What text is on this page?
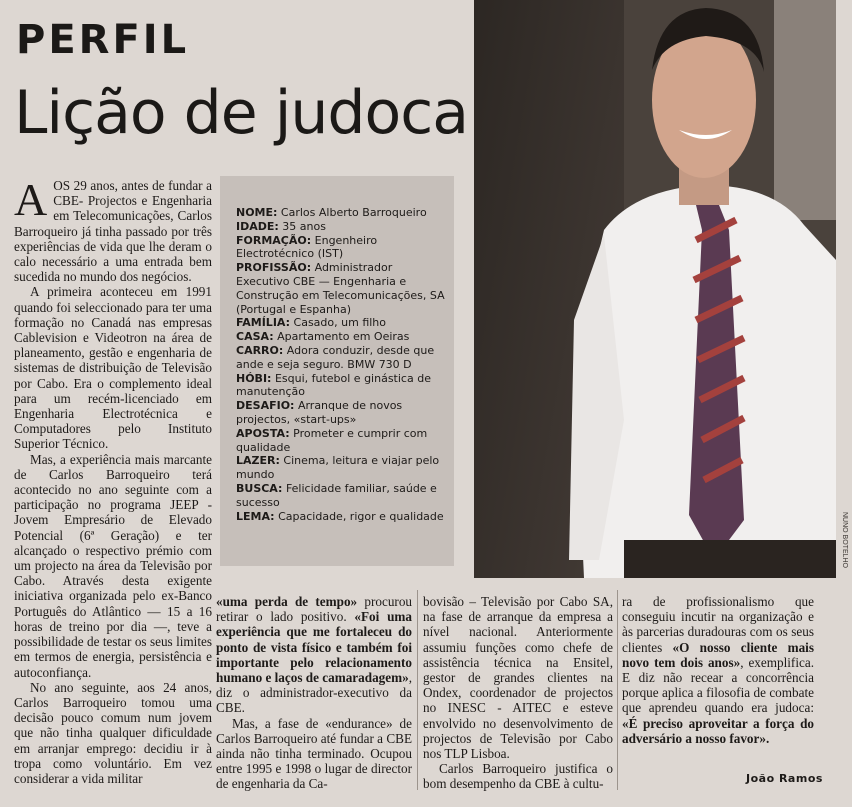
PERFIL
Lição de judoca

AOS 29 anos, antes de fundar a CBE- Projectos e Engenharia em Telecomunicações, Carlos Barroqueiro já tinha passado por três experiências de vida que lhe deram o calo necessário a uma entrada bem sucedida no mundo dos negócios.

A primeira aconteceu em 1991 quando foi seleccionado para ter uma formação no Canadá nas empresas Cablevision e Videotron na área de planeamento, gestão e engenharia de sistemas de distribuição de Televisão por Cabo. Era o complemento ideal para um recém-licenciado em Engenharia Electrotécnica e Computadores pelo Instituto Superior Técnico.

Mas, a experiência mais marcante de Carlos Barroqueiro terá acontecido no ano seguinte com a participação no programa JEEP - Jovem Empresário de Elevado Potencial (6ª Geração) e ter alcançado o respectivo prémio com um projecto na área da Televisão por Cabo. Através desta exigente iniciativa organizada pelo ex-Banco Português do Atlântico — 15 a 16 horas de treino por dia —, teve a possibilidade de testar os seus limites em termos de energia, persistência e autoconfiança.

No ano seguinte, aos 24 anos, Carlos Barroqueiro tomou uma decisão pouco comum num jovem que não tinha qualquer dificuldade em arranjar emprego: decidiu ir à tropa como voluntário. Em vez considerar a vida militar

NOME: Carlos Alberto Barroqueiro
IDADE: 35 anos
FORMAÇÃO: Engenheiro Electrotécnico (IST)
PROFISSÃO: Administrador Executivo CBE — Engenharia e Construção em Telecomunicações, SA (Portugal e Espanha)
FAMÍLIA: Casado, um filho
CASA: Apartamento em Oeiras
CARRO: Adora conduzir, desde que ande e seja seguro. BMW 730 D
HÓBI: Esqui, futebol e ginástica de manutenção
DESAFIO: Arranque de novos projectos, «start-ups»
APOSTA: Prometer e cumprir com qualidade
LAZER: Cinema, leitura e viajar pelo mundo
BUSCA: Felicidade familiar, saúde e sucesso
LEMA: Capacidade, rigor e qualidade	NUNO BOTELHO

«uma perda de tempo» procurou retirar o lado positivo. «Foi uma experiência que me fortaleceu do ponto de vista físico e também foi importante pelo relacionamento humano e laços de camaradagem», diz o administrador-executivo da CBE.

Mas, a fase de «endurance» de Carlos Barroqueiro até fundar a CBE ainda não tinha terminado. Ocupou entre 1995 e 1998 o lugar de director de engenharia da Ca-

bovisão – Televisão por Cabo SA, na fase de arranque da empresa a nível nacional. Anteriormente assumiu funções como chefe de assistência técnica na Ensitel, gestor de grandes clientes na Ondex, coordenador de projectos no INESC - AITEC e esteve envolvido no desenvolvimento de projectos de Televisão por Cabo nos TLP Lisboa.

Carlos Barroqueiro justifica o bom desempenho da CBE à cultu-

ra de profissionalismo que conseguiu incutir na organização e às parcerias duradouras com os seus clientes «O nosso cliente mais novo tem dois anos», exemplifica. E diz não recear a concorrência porque aplica a filosofia de combate que aprendeu quando era judoca: «É preciso aproveitar a força do adversário a nosso favor».

João Ramos
